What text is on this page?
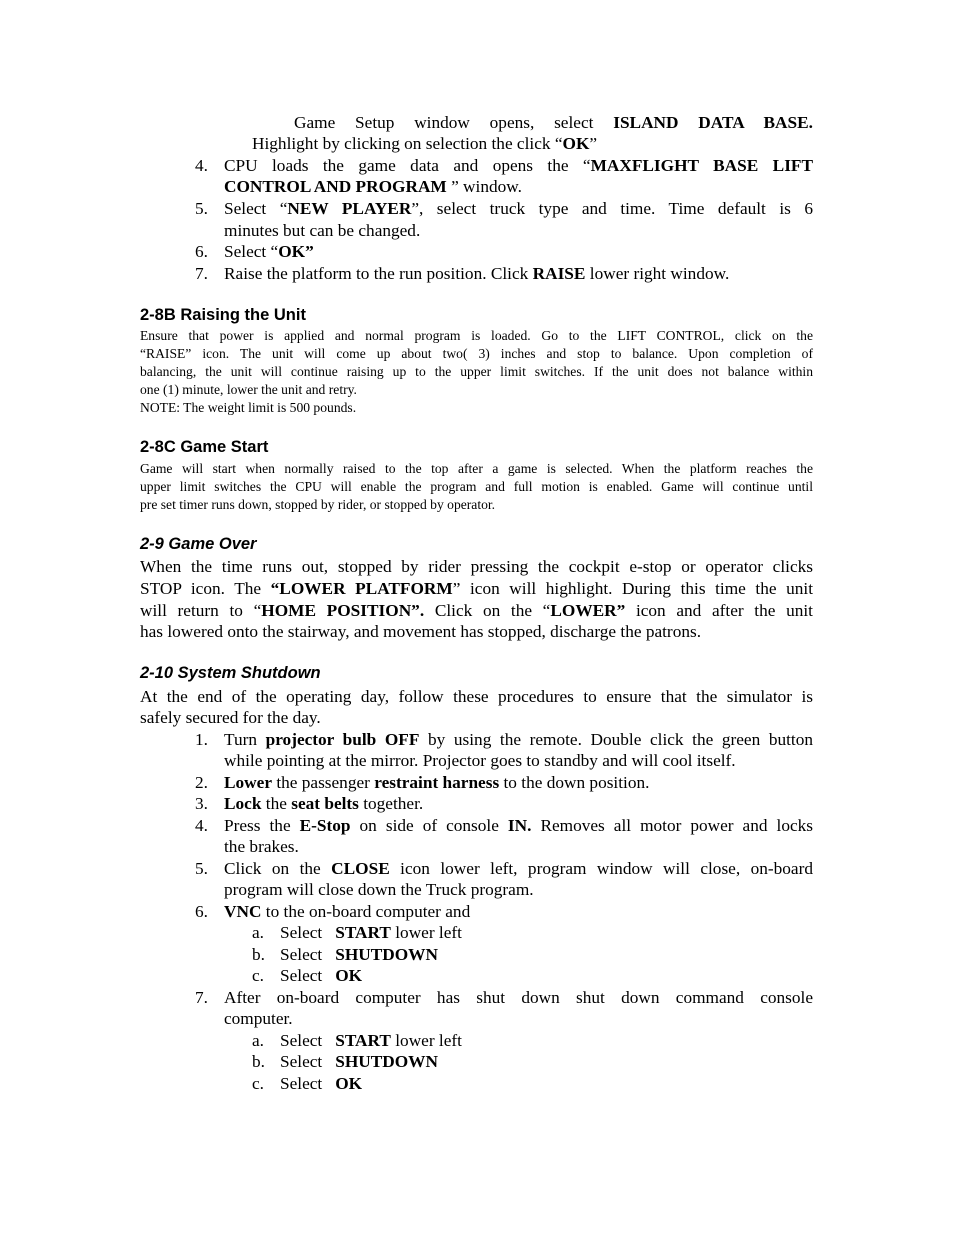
Game Setup window opens, select ISLAND DATA BASE.
Highlight by clicking on selection the click “OK”
4. CPU loads the game data and opens the “MAXFLIGHT BASE LIFT
CONTROL AND PROGRAM ” window.
5. Select “NEW PLAYER”, select truck type and time. Time default is 6
minutes but can be changed.
6. Select “OK”
7. Raise the platform to the run position. Click RAISE lower right window.
2-8B Raising the Unit
Ensure that power is applied and normal program is loaded. Go to the LIFT CONTROL, click on the
“RAISE” icon. The unit will come up about two( 3) inches and stop to balance. Upon completion of
balancing, the unit will continue raising up to the upper limit switches. If the unit does not balance within
one (1) minute, lower the unit and retry.
NOTE: The weight limit is 500 pounds.
2-8C Game Start
Game will start when normally raised to the top after a game is selected. When the platform reaches the
upper limit switches the CPU will enable the program and full motion is enabled. Game will continue until
pre set timer runs down, stopped by rider, or stopped by operator.
2-9 Game Over
When the time runs out, stopped by rider pressing the cockpit e-stop or operator clicks
STOP icon. The “LOWER PLATFORM” icon will highlight. During this time the unit
will return to “HOME POSITION”. Click on the “LOWER” icon and after the unit
has lowered onto the stairway, and movement has stopped, discharge the patrons.
2-10 System Shutdown
At the end of the operating day, follow these procedures to ensure that the simulator is
safely secured for the day.
1. Turn projector bulb OFF by using the remote. Double click the green button
while pointing at the mirror. Projector goes to standby and will cool itself.
2. Lower the passenger restraint harness to the down position.
3. Lock the seat belts together.
4. Press the E-Stop on side of console IN. Removes all motor power and locks
the brakes.
5. Click on the CLOSE icon lower left, program window will close, on-board
program will close down the Truck program.
6. VNC to the on-board computer and
a. Select START lower left
b. Select SHUTDOWN
c. Select OK
7. After on-board computer has shut down shut down command console
computer.
a. Select START lower left
b. Select SHUTDOWN
c. Select OK
